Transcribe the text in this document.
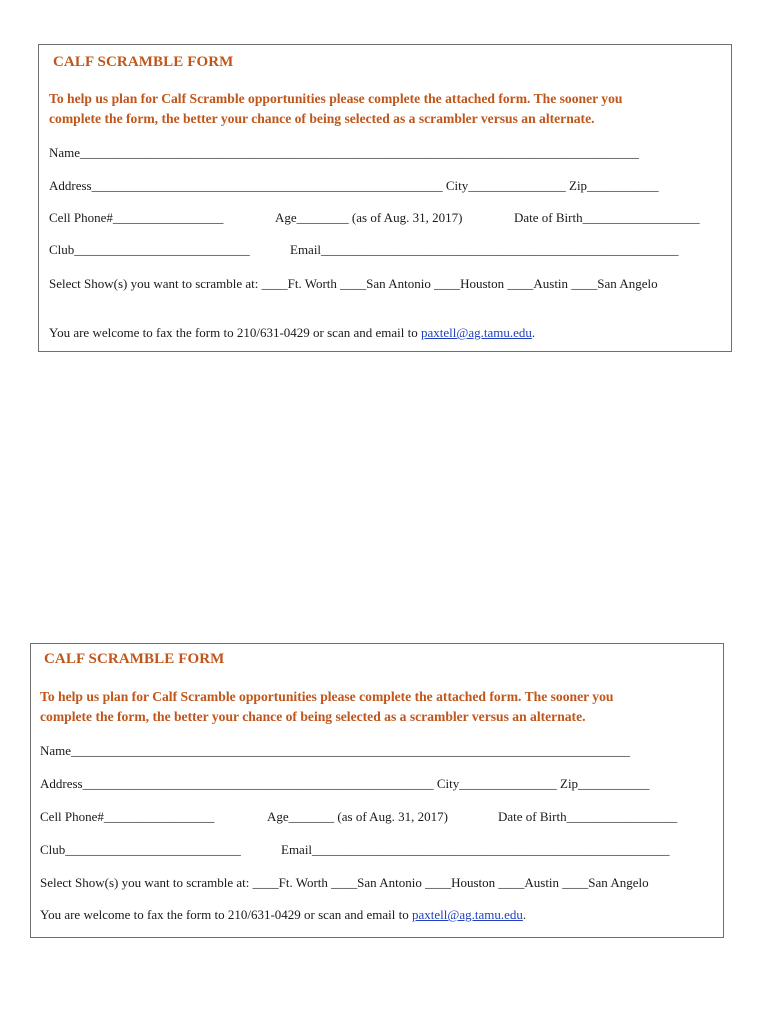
CALF SCRAMBLE FORM
To help us plan for Calf Scramble opportunities please complete the attached form. The sooner you
complete the form, the better your chance of being selected as a scrambler versus an alternate.
Name______________________________________________________________________________________
Address______________________________________________________ City_______________ Zip___________
Cell Phone#_________________	Age________ (as of Aug. 31, 2017)	Date of Birth__________________
Club___________________________	Email_______________________________________________________
Select Show(s) you want to scramble at: ____Ft. Worth ____San Antonio ____Houston ____Austin ____San Angelo
You are welcome to fax the form to 210/631-0429 or scan and email to paxtell@ag.tamu.edu.
CALF SCRAMBLE FORM
To help us plan for Calf Scramble opportunities please complete the attached form. The sooner you
complete the form, the better your chance of being selected as a scrambler versus an alternate.
Name______________________________________________________________________________________
Address______________________________________________________ City_______________ Zip___________
Cell Phone#_________________	Age_______ (as of Aug. 31, 2017)	Date of Birth_________________
Club___________________________	Email_______________________________________________________
Select Show(s) you want to scramble at: ____Ft. Worth ____San Antonio ____Houston ____Austin ____San Angelo
You are welcome to fax the form to 210/631-0429 or scan and email to paxtell@ag.tamu.edu.
